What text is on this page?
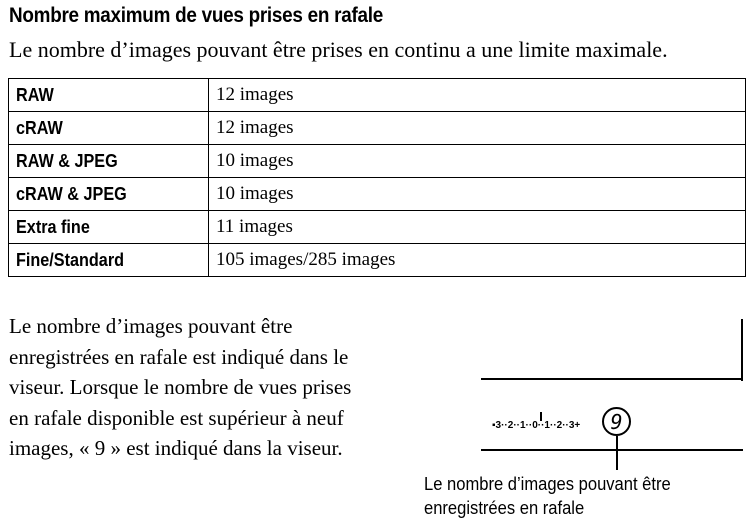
Nombre maximum de vues prises en rafale
Le nombre d’images pouvant être prises en continu a une limite maximale.
RAW	12 images
cRAW	12 images
RAW & JPEG	10 images
cRAW & JPEG	10 images
Extra fine	11 images
Fine/Standard	105 images/285 images
Le nombre d’images pouvant être
enregistrées en rafale est indiqué dans le
viseur. Lorsque le nombre de vues prises
en rafale disponible est supérieur à neuf
images, « 9 » est indiqué dans la viseur.
▪3··2··1··0··1··2··3+	9
Le nombre d’images pouvant être
enregistrées en rafale
